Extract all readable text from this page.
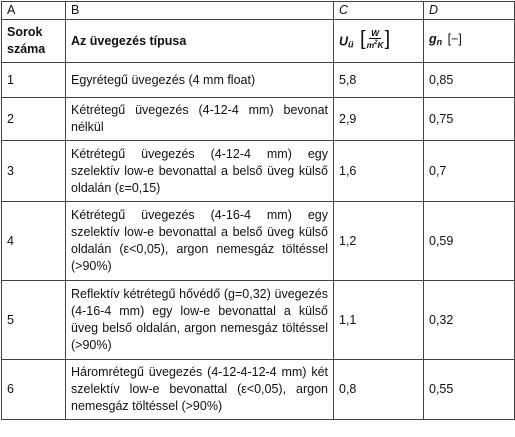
A	B	C	D
Sorok
száma	Az üvegezés típusa	$U_ü$ [ $\frac{W}{m^2K}$ ]	$g_n$ [−]
1	Egyrétegű üvegezés (4 mm float)	5,8	0,85
2	Kétrétegű üvegezés (4-12-4 mm) bevonat nélkül	2,9	0,75
3	Kétrétegű üvegezés (4-12-4 mm) egy szelektív low-e bevonattal a belső üveg külső oldalán (ε=0,15)	1,6	0,7
4	Kétrétegű üvegezés (4-16-4 mm) egy szelektív low-e bevonattal a belső üveg külső oldalán (ε<0,05), argon nemesgáz töltéssel (>90%)	1,2	0,59
5	Reflektív kétrétegű hővédő (g=0,32) üvegezés (4-16-4 mm) egy low-e bevonattal a külső üveg belső oldalán, argon nemesgáz töltéssel (>90%)	1,1	0,32
6	Háromrétegű üvegezés (4-12-4-12-4 mm) két szelektív low-e bevonattal (ε<0,05), argon nemesgáz töltéssel (>90%)	0,8	0,55
